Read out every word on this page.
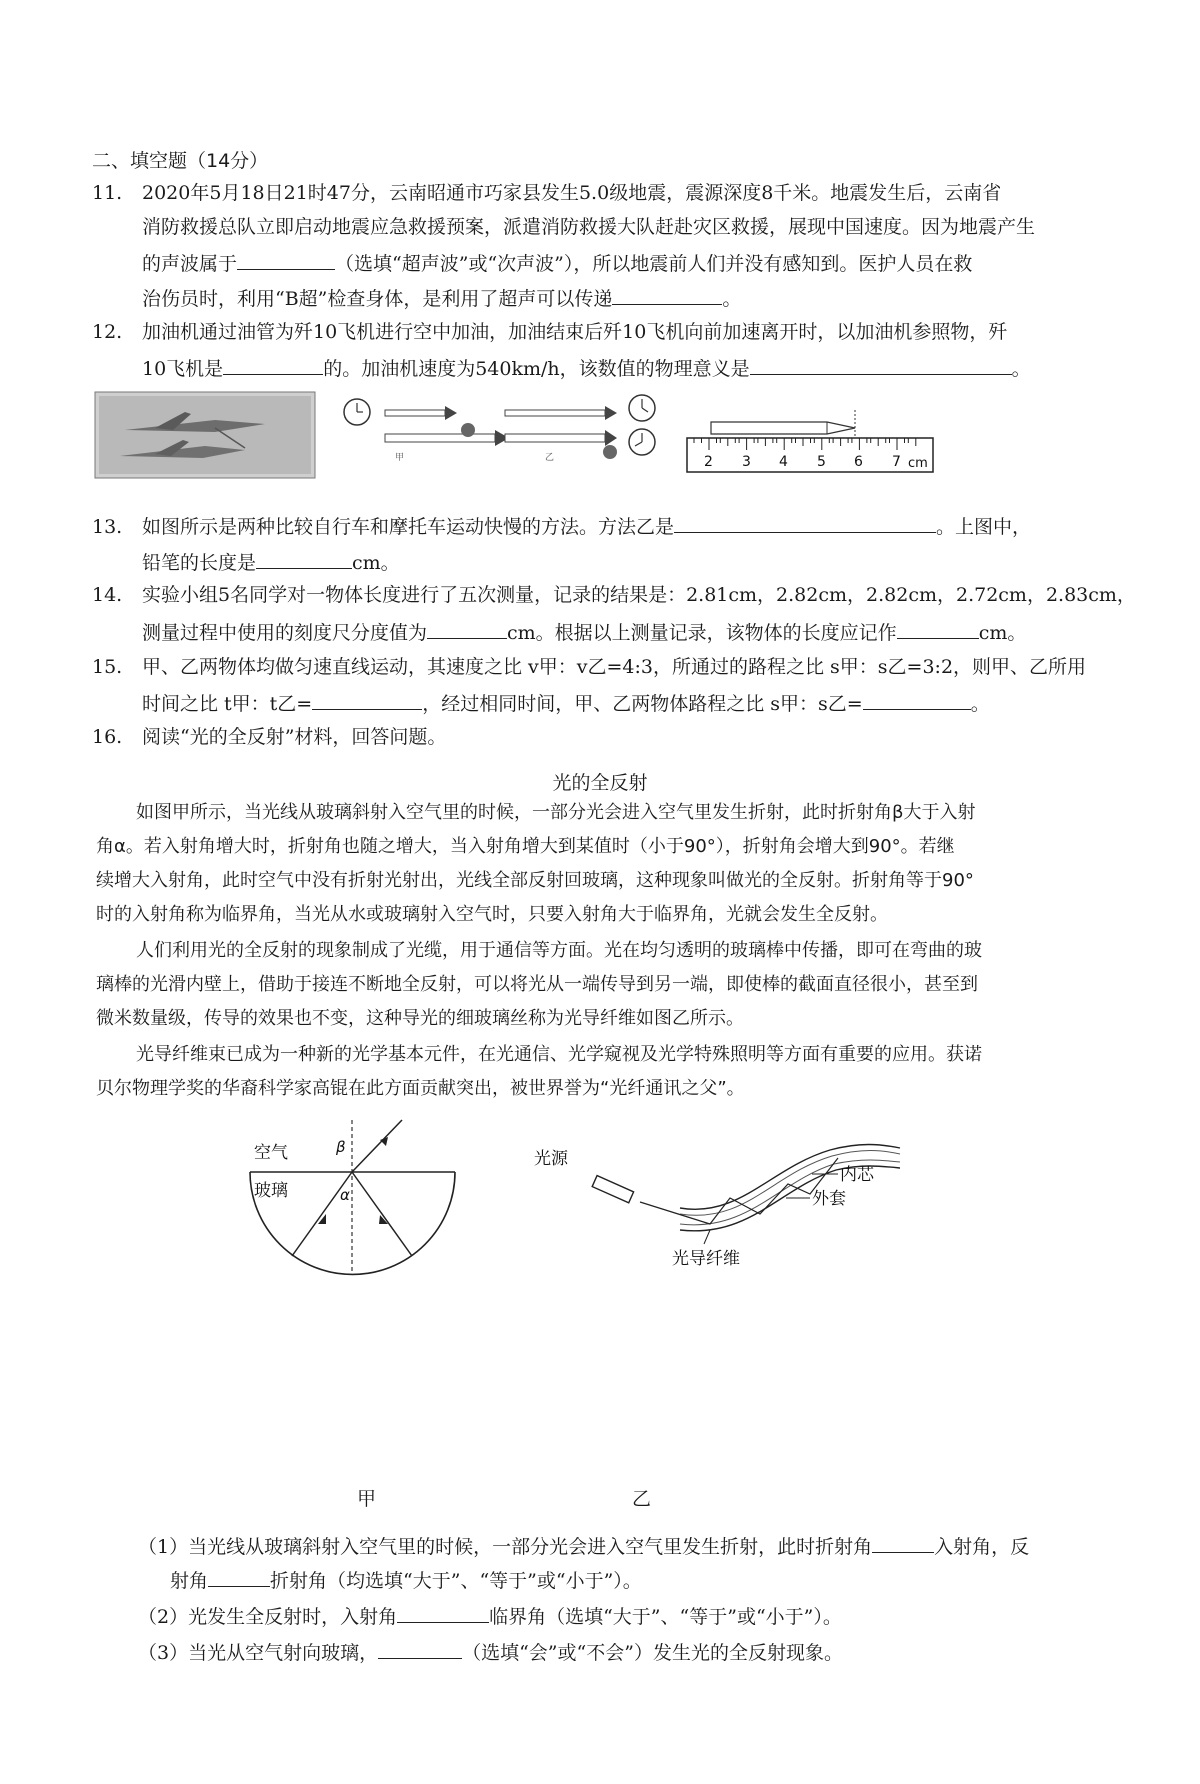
二、填空题（14分）
11. 2020年5月18日21时47分，云南昭通市巧家县发生5.0级地震，震源深度8千米。地震发生后，云南省
消防救援总队立即启动地震应急救援预案，派遣消防救援大队赶赴灾区救援，展现中国速度。因为地震产生
的声波属于	（选填“超声波”或“次声波”），所以地震前人们并没有感知到。医护人员在救
治伤员时，利用“B超”检查身体，是利用了超声可以传递	。
12. 加油机通过油管为歼10飞机进行空中加油，加油结束后歼10飞机向前加速离开时，以加油机参照物，歼
10飞机是	的。加油机速度为540km/h，该数值的物理意义是	。
甲	乙	2 3 4 5 6 7 cm
13. 如图所示是两种比较自行车和摩托车运动快慢的方法。方法乙是	。上图中，
铅笔的长度是	cm。
14. 实验小组5名同学对一物体长度进行了五次测量，记录的结果是：2.81cm，2.82cm，2.82cm，2.72cm，2.83cm，
测量过程中使用的刻度尺分度值为	cm。根据以上测量记录，该物体的长度应记作	cm。
15. 甲、乙两物体均做匀速直线运动，其速度之比 v甲：v乙=4:3，所通过的路程之比 s甲：s乙=3:2，则甲、乙所用
时间之比 t甲：t乙=	，经过相同时间，甲、乙两物体路程之比 s甲：s乙=	。
16. 阅读“光的全反射”材料，回答问题。
光的全反射
如图甲所示，当光线从玻璃斜射入空气里的时候，一部分光会进入空气里发生折射，此时折射角β大于入射
角α。若入射角增大时，折射角也随之增大，当入射角增大到某值时（小于90°），折射角会增大到90°。若继
续增大入射角，此时空气中没有折射光射出，光线全部反射回玻璃，这种现象叫做光的全反射。折射角等于90°
时的入射角称为临界角，当光从水或玻璃射入空气时，只要入射角大于临界角，光就会发生全反射。
人们利用光的全反射的现象制成了光缆，用于通信等方面。光在均匀透明的玻璃棒中传播，即可在弯曲的玻
璃棒的光滑内壁上，借助于接连不断地全反射，可以将光从一端传导到另一端，即使棒的截面直径很小，甚至到
微米数量级，传导的效果也不变，这种导光的细玻璃丝称为光导纤维如图乙所示。
光导纤维束已成为一种新的光学基本元件，在光通信、光学窥视及光学特殊照明等方面有重要的应用。获诺
贝尔物理学奖的华裔科学家高锟在此方面贡献突出，被世界誉为“光纤通讯之父”。
空气
玻璃
β
α
甲
光源
内芯
外套
光导纤维
乙
（1）当光线从玻璃斜射入空气里的时候，一部分光会进入空气里发生折射，此时折射角	入射角，反
射角	折射角（均选填“大于”、“等于”或“小于”）。
（2）光发生全反射时，入射角	临界角（选填“大于”、“等于”或“小于”）。
（3）当光从空气射向玻璃，	（选填“会”或“不会”）发生光的全反射现象。
